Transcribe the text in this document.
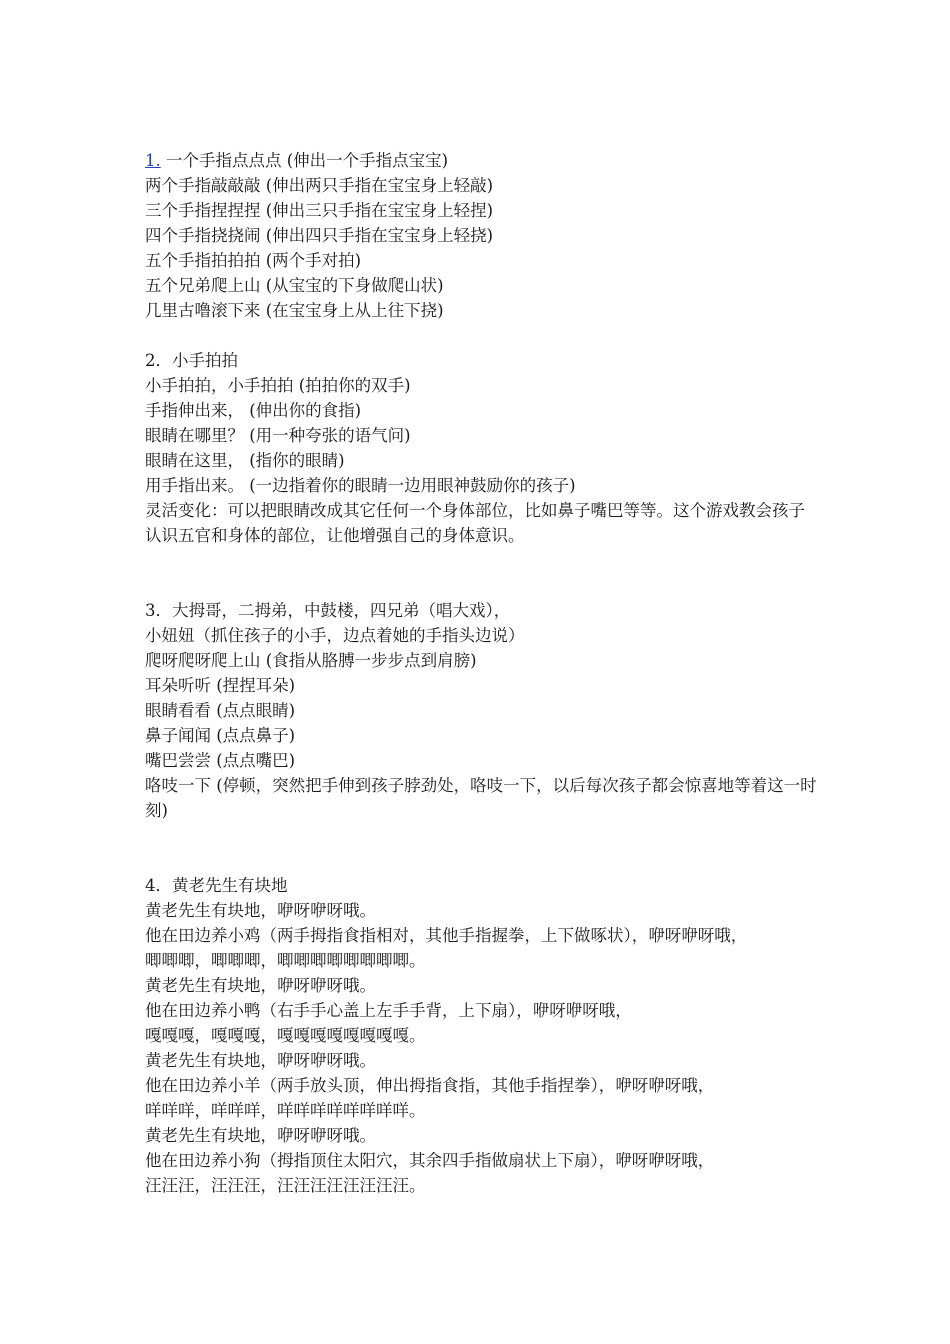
1. 一个手指点点点 (伸出一个手指点宝宝)
两个手指敲敲敲 (伸出两只手指在宝宝身上轻敲)
三个手指捏捏捏 (伸出三只手指在宝宝身上轻捏)
四个手指挠挠闹 (伸出四只手指在宝宝身上轻挠)
五个手指拍拍拍 (两个手对拍)
五个兄弟爬上山 (从宝宝的下身做爬山状)
几里古噜滚下来 (在宝宝身上从上往下挠)
2．小手拍拍
小手拍拍，小手拍拍 (拍拍你的双手)
手指伸出来， (伸出你的食指)
眼睛在哪里？ (用一种夸张的语气问)
眼睛在这里， (指你的眼睛)
用手指出来。 (一边指着你的眼睛一边用眼神鼓励你的孩子)
灵活变化：可以把眼睛改成其它任何一个身体部位，比如鼻子嘴巴等等。这个游戏教会孩子认识五官和身体的部位，让他增强自己的身体意识。
3．大拇哥，二拇弟，中鼓楼，四兄弟（唱大戏），
小妞妞（抓住孩子的小手，边点着她的手指头边说）
爬呀爬呀爬上山 (食指从胳膊一步步点到肩膀)
耳朵听听 (捏捏耳朵)
眼睛看看 (点点眼睛)
鼻子闻闻 (点点鼻子)
嘴巴尝尝 (点点嘴巴)
咯吱一下 (停顿，突然把手伸到孩子脖劲处，咯吱一下，以后每次孩子都会惊喜地等着这一时刻)
4．黄老先生有块地
黄老先生有块地，咿呀咿呀哦。
他在田边养小鸡（两手拇指食指相对，其他手指握拳，上下做啄状），咿呀咿呀哦，
唧唧唧，唧唧唧，唧唧唧唧唧唧唧唧。
黄老先生有块地，咿呀咿呀哦。
他在田边养小鸭（右手手心盖上左手手背，上下扇），咿呀咿呀哦，
嘎嘎嘎，嘎嘎嘎，嘎嘎嘎嘎嘎嘎嘎嘎。
黄老先生有块地，咿呀咿呀哦。
他在田边养小羊（两手放头顶，伸出拇指食指，其他手指捏拳），咿呀咿呀哦，
咩咩咩，咩咩咩，咩咩咩咩咩咩咩咩。
黄老先生有块地，咿呀咿呀哦。
他在田边养小狗（拇指顶住太阳穴，其余四手指做扇状上下扇），咿呀咿呀哦，
汪汪汪，汪汪汪，汪汪汪汪汪汪汪汪。
